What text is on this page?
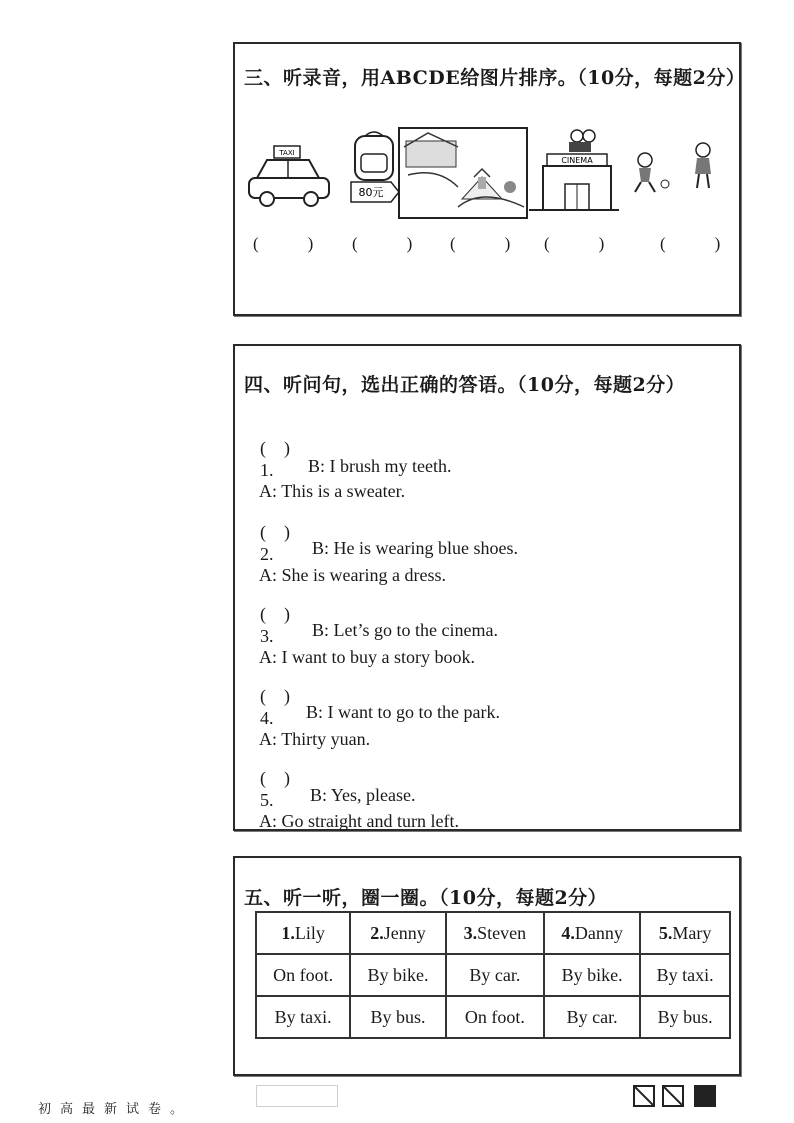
三、听录音，用ABCDE给图片排序。（10分，每题2分）
TAXI
80元
CINEMA
(　) (　) (　) (　) (　)
四、听问句，选出正确的答语。（10分，每题2分）

(　)
1.
A: This is a sweater.

B: I brush my teeth.

(　)
2.
A: She is wearing a dress.

B: He is wearing blue shoes.

(　)
3.
A: I want to buy a story book.

B: Let’s go to the cinema.

(　)
4.
A: Thirty yuan.

B: I want to go to the park.

(　)
5.
A: Go straight and turn left.

B: Yes, please.
五、听一听，圈一圈。（10分，每题2分）
1.Lily	2.Jenny	3.Steven	4.Danny	5.Mary
On foot.	By bike.	By car.	By bike.	By taxi.
By taxi.	By bus.	On foot.	By car.	By bus.
初高最新试卷。
